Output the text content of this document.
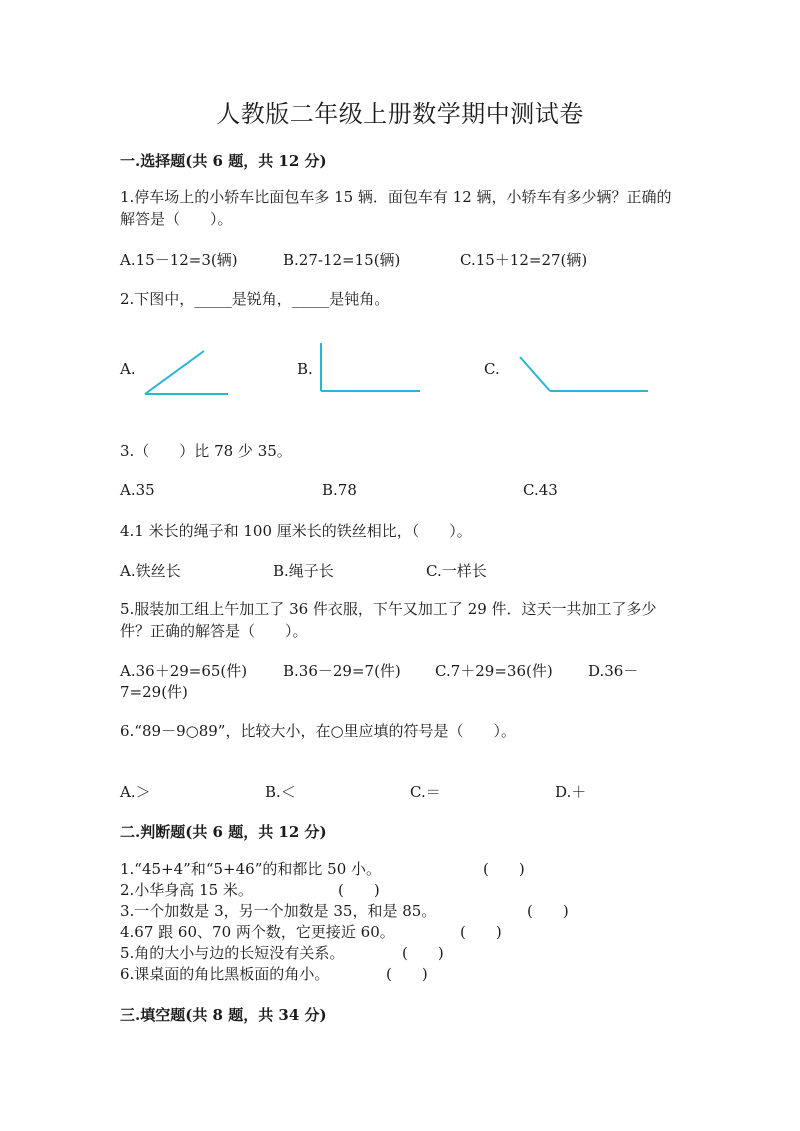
人教版二年级上册数学期中测试卷
一.选择题(共 6 题，共 12 分)
1.停车场上的小轿车比面包车多 15 辆．面包车有 12 辆，小轿车有多少辆？正确的解答是（　　）。
A.15－12=3(辆)	B.27-12=15(辆)	C.15＋12=27(辆)
2.下图中，_____是锐角，_____是钝角。
A.	B.	C.
3.（　　）比 78 少 35。
A.35	B.78	C.43
4.1 米长的绳子和 100 厘米长的铁丝相比，（　　）。
A.铁丝长	B.绳子长	C.一样长
5.服装加工组上午加工了 36 件衣服，下午又加工了 29 件．这天一共加工了多少件？正确的解答是（　　）。
A.36＋29=65(件) B.36－29=7(件) C.7＋29=36(件) D.36－
7=29(件)
6.“89－9○89”，比较大小，在○里应填的符号是（　　）。
A.＞	B.＜	C.＝	D.＋
二.判断题(共 6 题，共 12 分)
1.“45+4”和“5+46”的和都比 50 小。	(　　)
2.小华身高 15 米。	(　　)
3.一个加数是 3，另一个加数是 35，和是 85。	(　　)
4.67 跟 60、70 两个数，它更接近 60。	(　　)
5.角的大小与边的长短没有关系。	(　　)
6.课桌面的角比黑板面的角小。	(　　)
三.填空题(共 8 题，共 34 分)
